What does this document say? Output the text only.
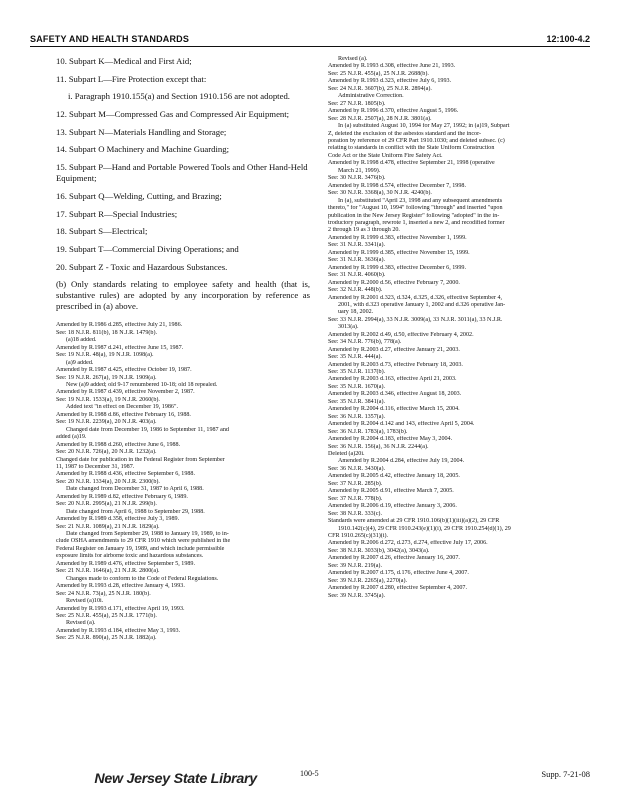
SAFETY AND HEALTH STANDARDS	12:100-4.2

10. Subpart K—Medical and First Aid;

11. Subpart L—Fire Protection except that:

i. Paragraph 1910.155(a) and Section 1910.156 are not adopted.

12. Subpart M—Compressed Gas and Compressed Air Equipment;

13. Subpart N—Materials Handling and Storage;

14. Subpart O Machinery and Machine Guarding;

15. Subpart P—Hand and Portable Powered Tools and Other Hand-Held Equipment;

16. Subpart Q—Welding, Cutting, and Brazing;

17. Subpart R—Special Industries;

18. Subpart S—Electrical;

19. Subpart T—Commercial Diving Operations; and

20. Subpart Z - Toxic and Hazardous Substances.

(b) Only standards relating to employee safety and health (that is, substantive rules) are adopted by any incorporation by reference as prescribed in (a) above.

Amended by R.1986 d.285, effective July 21, 1986.

See: 18 N.J.R. 811(b), 18 N.J.R. 1479(b).

(a)18 added.

Amended by R.1987 d.241, effective June 15, 1987.

See: 19 N.J.R. 48(a), 19 N.J.R. 1098(a).

(a)9 added.

Amended by R.1987 d.425, effective October 19, 1987.

See: 19 N.J.R. 267(a), 19 N.J.R. 1909(a).

New (a)9 added; old 9-17 renumbered 10-18; old 18 repealed.

Amended by R.1987 d.439, effective November 2, 1987.

See: 19 N.J.R. 1533(a), 19 N.J.R. 2060(b).

Added text "in effect on December 19, 1986".

Amended by R.1988 d.86, effective February 16, 1988.

See: 19 N.J.R. 2239(a), 20 N.J.R. 403(a).

Changed date from December 19, 1986 to September 11, 1987 and

added (a)19.

Amended by R.1988 d.260, effective June 6, 1988.

See: 20 N.J.R. 726(a), 20 N.J.R. 1232(a).

Changed date for publication in the Federal Register from September

11, 1987 to December 31, 1987.

Amended by R.1988 d.436, effective September 6, 1988.

See: 20 N.J.R. 1334(a), 20 N.J.R. 2300(b).

Date changed from December 31, 1987 to April 6, 1988.

Amended by R.1989 d.82, effective February 6, 1989.

See: 20 N.J.R. 2995(a), 21 N.J.R. 299(b).

Date changed from April 6, 1988 to September 29, 1988.

Amended by R.1989 d.358, effective July 3, 1989.

See: 21 N.J.R. 1089(a), 21 N.J.R. 1829(a).

Date changed from September 29, 1988 to January 19, 1989, to in-

clude OSHA amendments to 29 CFR 1910 which were published in the

Federal Register on January 19, 1989, and which include permissible

exposure limits for airborne toxic and hazardous substances.

Amended by R.1989 d.476, effective September 5, 1989.

See: 21 N.J.R. 1646(a), 21 N.J.R. 2800(a).

Changes made to conform to the Code of Federal Regulations.

Amended by R.1993 d.28, effective January 4, 1993.

See: 24 N.J.R. 73(a), 25 N.J.R. 180(b).

Revised (a)10i.

Amended by R.1993 d.171, effective April 19, 1993.

See: 25 N.J.R. 455(a), 25 N.J.R. 1771(b).

Revised (a).

Amended by R.1993 d.184, effective May 3, 1993.

See: 25 N.J.R. 890(a), 25 N.J.R. 1882(a).

Revised (a).

Amended by R.1993 d.308, effective June 21, 1993.

See: 25 N.J.R. 455(a), 25 N.J.R. 2688(b).

Amended by R.1993 d.323, effective July 6, 1993.

See: 24 N.J.R. 3607(b), 25 N.J.R. 2894(a).

Administrative Correction.

See: 27 N.J.R. 1805(b).

Amended by R.1996 d.370, effective August 5, 1996.

See: 28 N.J.R. 2507(a), 28 N.J.R. 3801(a).

In (a) substituted August 10, 1994 for May 27, 1992; in (a)19, Subpart

Z, deleted the exclusion of the asbestos standard and the incor-

poration by reference of 29 CFR Part 1910.1030; and deleted subsec. (c)

relating to standards in conflict with the State Uniform Construction

Code Act or the State Uniform Fire Safety Act.

Amended by R.1998 d.478, effective September 21, 1998 (operative

March 21, 1999).

See: 30 N.J.R. 3476(b).

Amended by R.1998 d.574, effective December 7, 1998.

See: 30 N.J.R. 3368(a), 30 N.J.R. 4240(b).

In (a), substituted "April 23, 1998 and any subsequent amendments

thereto," for "August 10, 1994" following "through" and inserted "upon

publication in the New Jersey Register" following "adopted" in the in-

troductory paragraph, rewrote 1, inserted a new 2, and recodified former

2 through 19 as 3 through 20.

Amended by R.1999 d.383, effective November 1, 1999.

See: 31 N.J.R. 3341(a).

Amended by R.1999 d.385, effective November 15, 1999.

See: 31 N.J.R. 3636(a).

Amended by R.1999 d.383, effective December 6, 1999.

See: 31 N.J.R. 4060(b).

Amended by R.2000 d.56, effective February 7, 2000.

See: 32 N.J.R. 448(b).

Amended by R.2001 d.323, d.324, d.325, d.326, effective September 4,

2001, with d.323 operative January 1, 2002 and d.326 operative Jan-

uary 18, 2002.

See: 33 N.J.R. 2994(a), 33 N.J.R. 3009(a), 33 N.J.R. 3011(a), 33 N.J.R.

3013(a).

Amended by R.2002 d.49, d.50, effective February 4, 2002.

See: 34 N.J.R. 776(b), 778(a).

Amended by R.2003 d.27, effective January 21, 2003.

See: 35 N.J.R. 444(a).

Amended by R.2003 d.73, effective February 18, 2003.

See: 35 N.J.R. 1137(b).

Amended by R.2003 d.163, effective April 21, 2003.

See: 35 N.J.R. 1670(a).

Amended by R.2003 d.346, effective August 18, 2003.

See: 35 N.J.R. 3841(a).

Amended by R.2004 d.116, effective March 15, 2004.

See: 36 N.J.R. 1357(a).

Amended by R.2004 d.142 and 143, effective April 5, 2004.

See: 36 N.J.R. 1783(a), 1783(b).

Amended by R.2004 d.183, effective May 3, 2004.

See: 36 N.J.R. 156(a), 36 N.J.R. 2244(a).

Deleted (a)20i.

Amended by R.2004 d.284, effective July 19, 2004.

See: 36 N.J.R. 3430(a).

Amended by R.2005 d.42, effective January 18, 2005.

See: 37 N.J.R. 285(b).

Amended by R.2005 d.91, effective March 7, 2005.

See: 37 N.J.R. 778(b).

Amended by R.2006 d.19, effective January 3, 2006.

See: 38 N.J.R. 333(c).

Standards were amended at 29 CFR 1910.106(b)(1)(iii)(a)(2), 29 CFR

1910.142(c)(4), 29 CFR 1910.243(e)(1)(i), 29 CFR 1910.254(d)(1), 29

CFR 1910.265(c)(31)(i).

Amended by R.2006 d.272, d.273, d.274, effective July 17, 2006.

See: 38 N.J.R. 3033(b), 3042(a), 3043(a).

Amended by R.2007 d.26, effective January 16, 2007.

See: 39 N.J.R. 219(a).

Amended by R.2007 d.175, d.176, effective June 4, 2007.

See: 39 N.J.R. 2265(a), 2270(a).

Amended by R.2007 d.280, effective September 4, 2007.

See: 39 N.J.R. 3745(a).

New Jersey State Library	100-5	Supp. 7-21-08
